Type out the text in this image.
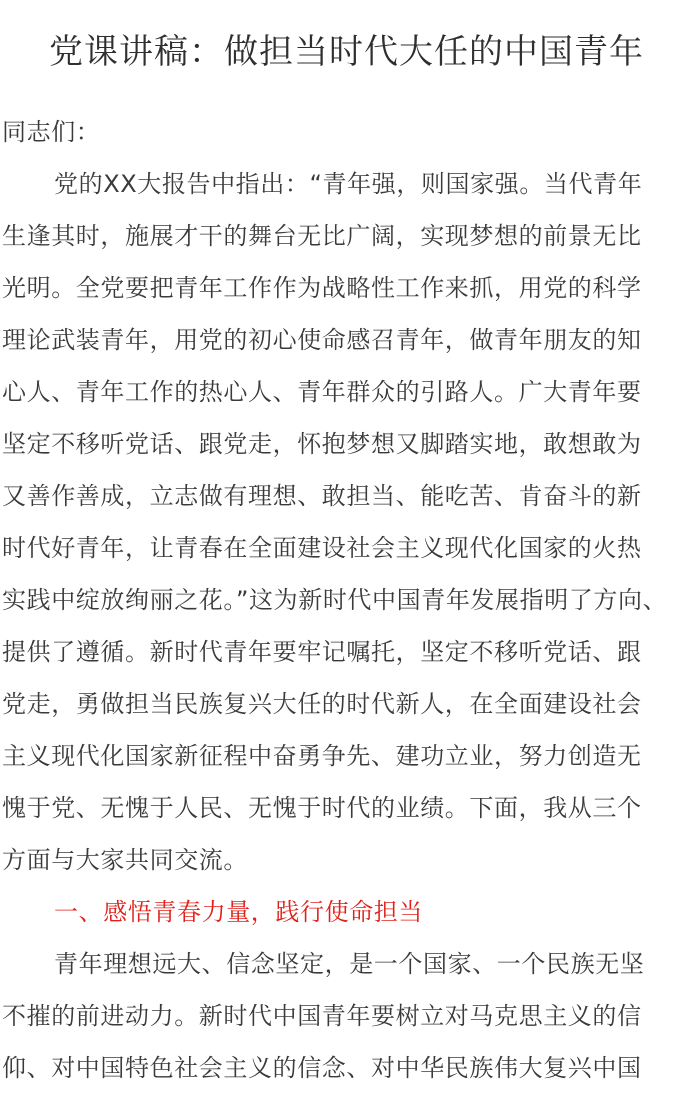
党课讲稿：做担当时代大任的中国青年
同志们：
党的XX大报告中指出：“青年强，则国家强。当代青年
生逢其时，施展才干的舞台无比广阔，实现梦想的前景无比
光明。全党要把青年工作作为战略性工作来抓，用党的科学
理论武装青年，用党的初心使命感召青年，做青年朋友的知
心人、青年工作的热心人、青年群众的引路人。广大青年要
坚定不移听党话、跟党走，怀抱梦想又脚踏实地，敢想敢为
又善作善成，立志做有理想、敢担当、能吃苦、肯奋斗的新
时代好青年，让青春在全面建设社会主义现代化国家的火热
实践中绽放绚丽之花。”这为新时代中国青年发展指明了方向、
提供了遵循。新时代青年要牢记嘱托，坚定不移听党话、跟
党走，勇做担当民族复兴大任的时代新人，在全面建设社会
主义现代化国家新征程中奋勇争先、建功立业，努力创造无
愧于党、无愧于人民、无愧于时代的业绩。下面，我从三个
方面与大家共同交流。
一、感悟青春力量，践行使命担当
青年理想远大、信念坚定，是一个国家、一个民族无坚
不摧的前进动力。新时代中国青年要树立对马克思主义的信
仰、对中国特色社会主义的信念、对中华民族伟大复兴中国
